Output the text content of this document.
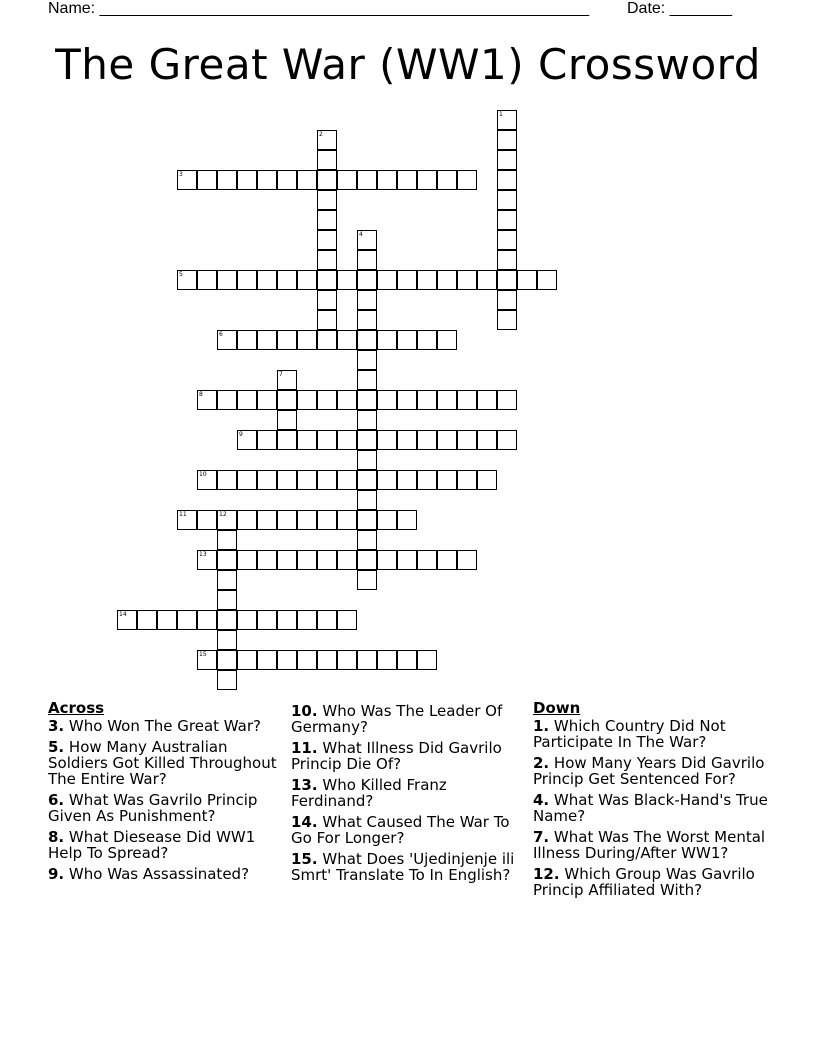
Name: _______________________________________________________ Date: _______
The Great War (WW1) Crossword
1
2
3
4
5
6
7
8
9
10
11	12
13
14
15
Across
3. Who Won The Great War?
5. How Many Australian Soldiers Got Killed Throughout The Entire War?
6. What Was Gavrilo Princip Given As Punishment?
8. What Diesease Did WW1 Help To Spread?
9. Who Was Assassinated?
10. Who Was The Leader Of Germany?
11. What Illness Did Gavrilo Princip Die Of?
13. Who Killed Franz Ferdinand?
14. What Caused The War To Go For Longer?
15. What Does 'Ujedinjenje ili Smrt' Translate To In English?
Down
1. Which Country Did Not Participate In The War?
2. How Many Years Did Gavrilo Princip Get Sentenced For?
4. What Was Black-Hand's True Name?
7. What Was The Worst Mental Illness During/After WW1?
12. Which Group Was Gavrilo Princip Affiliated With?
